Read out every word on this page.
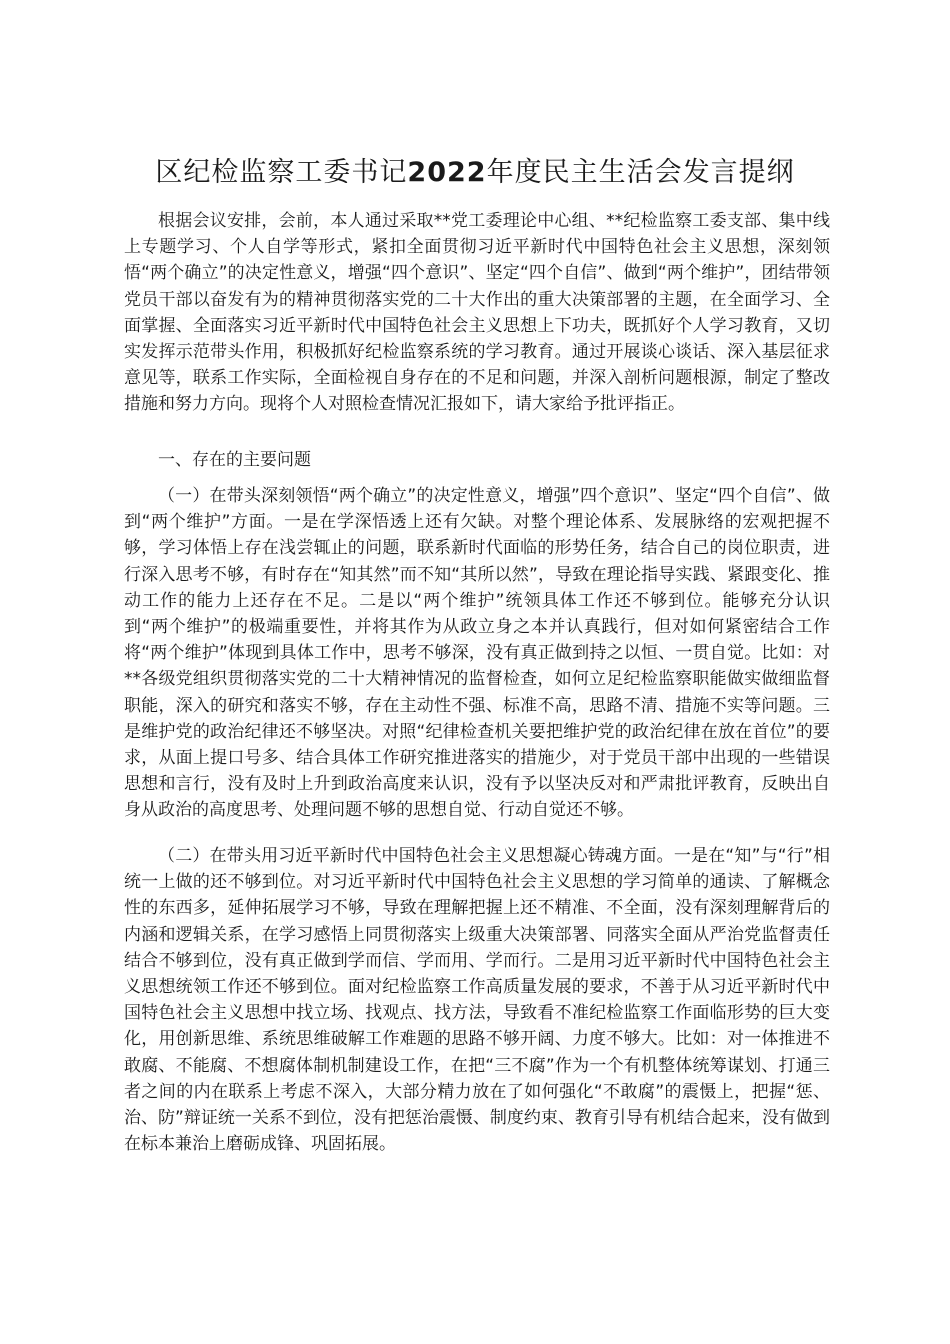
区纪检监察工委书记2022年度民主生活会发言提纲

根据会议安排，会前，本人通过采取**党工委理论中心组、**纪检监察工委支部、集中线上专题学习、个人自学等形式，紧扣全面贯彻习近平新时代中国特色社会主义思想，深刻领悟“两个确立”的决定性意义，增强“四个意识”、坚定“四个自信”、做到“两个维护”，团结带领党员干部以奋发有为的精神贯彻落实党的二十大作出的重大决策部署的主题，在全面学习、全面掌握、全面落实习近平新时代中国特色社会主义思想上下功夫，既抓好个人学习教育，又切实发挥示范带头作用，积极抓好纪检监察系统的学习教育。通过开展谈心谈话、深入基层征求意见等，联系工作实际，全面检视自身存在的不足和问题，并深入剖析问题根源，制定了整改措施和努力方向。现将个人对照检查情况汇报如下，请大家给予批评指正。

一、存在的主要问题

（一）在带头深刻领悟“两个确立”的决定性意义，增强”四个意识”、坚定“四个自信”、做到“两个维护”方面。一是在学深悟透上还有欠缺。对整个理论体系、发展脉络的宏观把握不够，学习体悟上存在浅尝辄止的问题，联系新时代面临的形势任务，结合自己的岗位职责，进行深入思考不够，有时存在“知其然”而不知“其所以然”，导致在理论指导实践、紧跟变化、推动工作的能力上还存在不足。二是以“两个维护”统领具体工作还不够到位。能够充分认识到“两个维护”的极端重要性，并将其作为从政立身之本并认真践行，但对如何紧密结合工作将“两个维护”体现到具体工作中，思考不够深，没有真正做到持之以恒、一贯自觉。比如：对**各级党组织贯彻落实党的二十大精神情况的监督检查，如何立足纪检监察职能做实做细监督职能，深入的研究和落实不够，存在主动性不强、标准不高，思路不清、措施不实等问题。三是维护党的政治纪律还不够坚决。对照“纪律检查机关要把维护党的政治纪律在放在首位”的要求，从面上提口号多、结合具体工作研究推进落实的措施少，对于党员干部中出现的一些错误思想和言行，没有及时上升到政治高度来认识，没有予以坚决反对和严肃批评教育，反映出自身从政治的高度思考、处理问题不够的思想自觉、行动自觉还不够。

（二）在带头用习近平新时代中国特色社会主义思想凝心铸魂方面。一是在“知”与“行”相统一上做的还不够到位。对习近平新时代中国特色社会主义思想的学习简单的通读、了解概念性的东西多，延伸拓展学习不够，导致在理解把握上还不精准、不全面，没有深刻理解背后的内涵和逻辑关系，在学习感悟上同贯彻落实上级重大决策部署、同落实全面从严治党监督责任结合不够到位，没有真正做到学而信、学而用、学而行。二是用习近平新时代中国特色社会主义思想统领工作还不够到位。面对纪检监察工作高质量发展的要求，不善于从习近平新时代中国特色社会主义思想中找立场、找观点、找方法，导致看不准纪检监察工作面临形势的巨大变化，用创新思维、系统思维破解工作难题的思路不够开阔、力度不够大。比如：对一体推进不敢腐、不能腐、不想腐体制机制建设工作，在把“三不腐”作为一个有机整体统筹谋划、打通三者之间的内在联系上考虑不深入，大部分精力放在了如何强化“不敢腐”的震慑上，把握“惩、治、防”辩证统一关系不到位，没有把惩治震慑、制度约束、教育引导有机结合起来，没有做到在标本兼治上磨砺成锋、巩固拓展。
